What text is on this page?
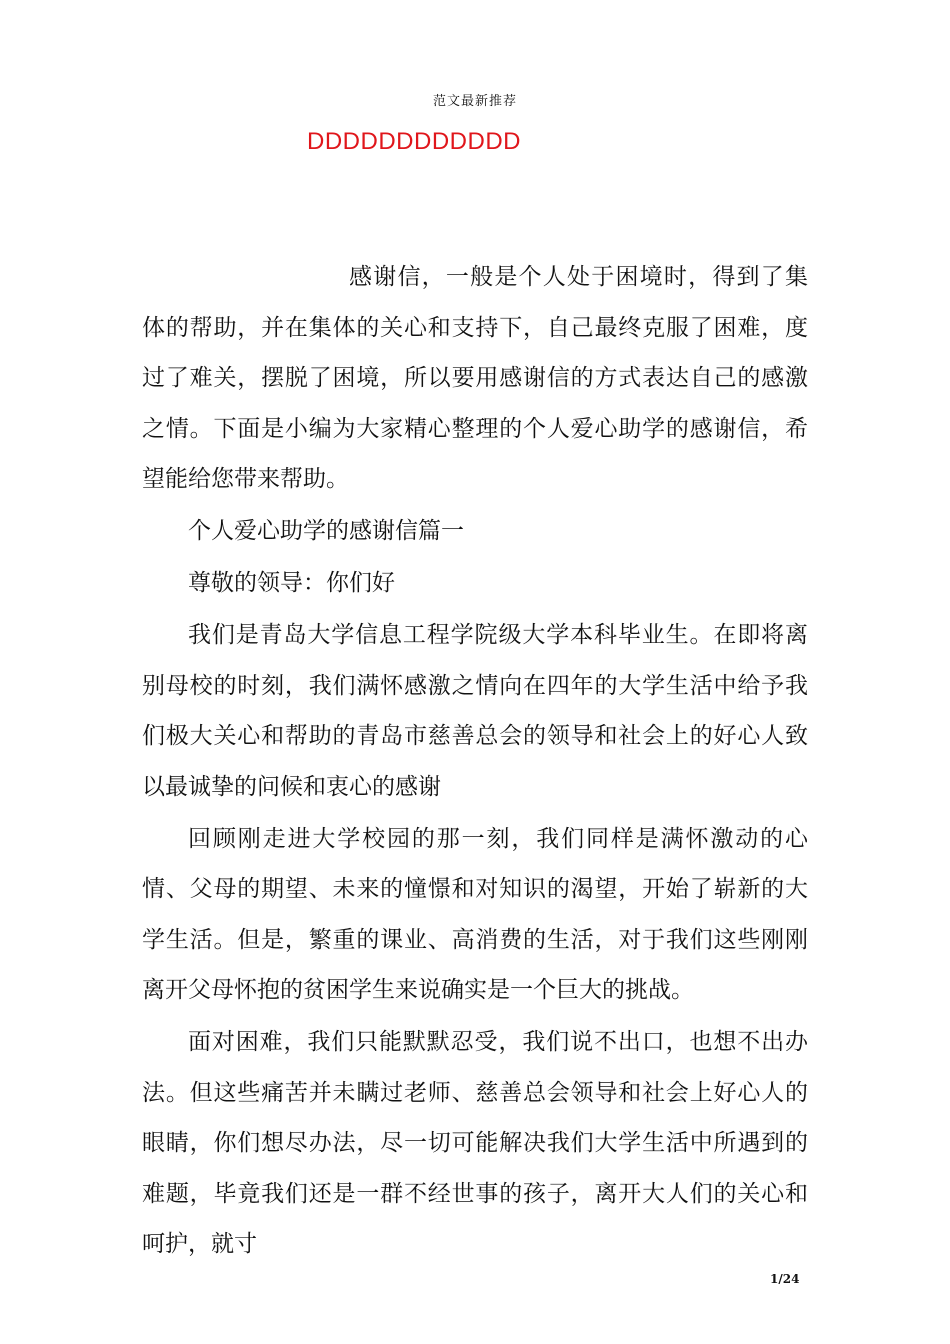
范文最新推荐
DDDDDDDDDDDD

感谢信，一般是个人处于困境时，得到了集体的帮助，并在集体的关心和支持下，自己最终克服了困难，度过了难关，摆脱了困境，所以要用感谢信的方式表达自己的感激之情。下面是小编为大家精心整理的个人爱心助学的感谢信，希望能给您带来帮助。

个人爱心助学的感谢信篇一

尊敬的领导：你们好

我们是青岛大学信息工程学院级大学本科毕业生。在即将离别母校的时刻，我们满怀感激之情向在四年的大学生活中给予我们极大关心和帮助的青岛市慈善总会的领导和社会上的好心人致以最诚挚的问候和衷心的感谢

回顾刚走进大学校园的那一刻，我们同样是满怀激动的心情、父母的期望、未来的憧憬和对知识的渴望，开始了崭新的大学生活。但是，繁重的课业、高消费的生活，对于我们这些刚刚离开父母怀抱的贫困学生来说确实是一个巨大的挑战。

面对困难，我们只能默默忍受，我们说不出口，也想不出办法。但这些痛苦并未瞒过老师、慈善总会领导和社会上好心人的眼睛，你们想尽办法，尽一切可能解决我们大学生活中所遇到的难题，毕竟我们还是一群不经世事的孩子，离开大人们的关心和呵护，就寸

1/24
